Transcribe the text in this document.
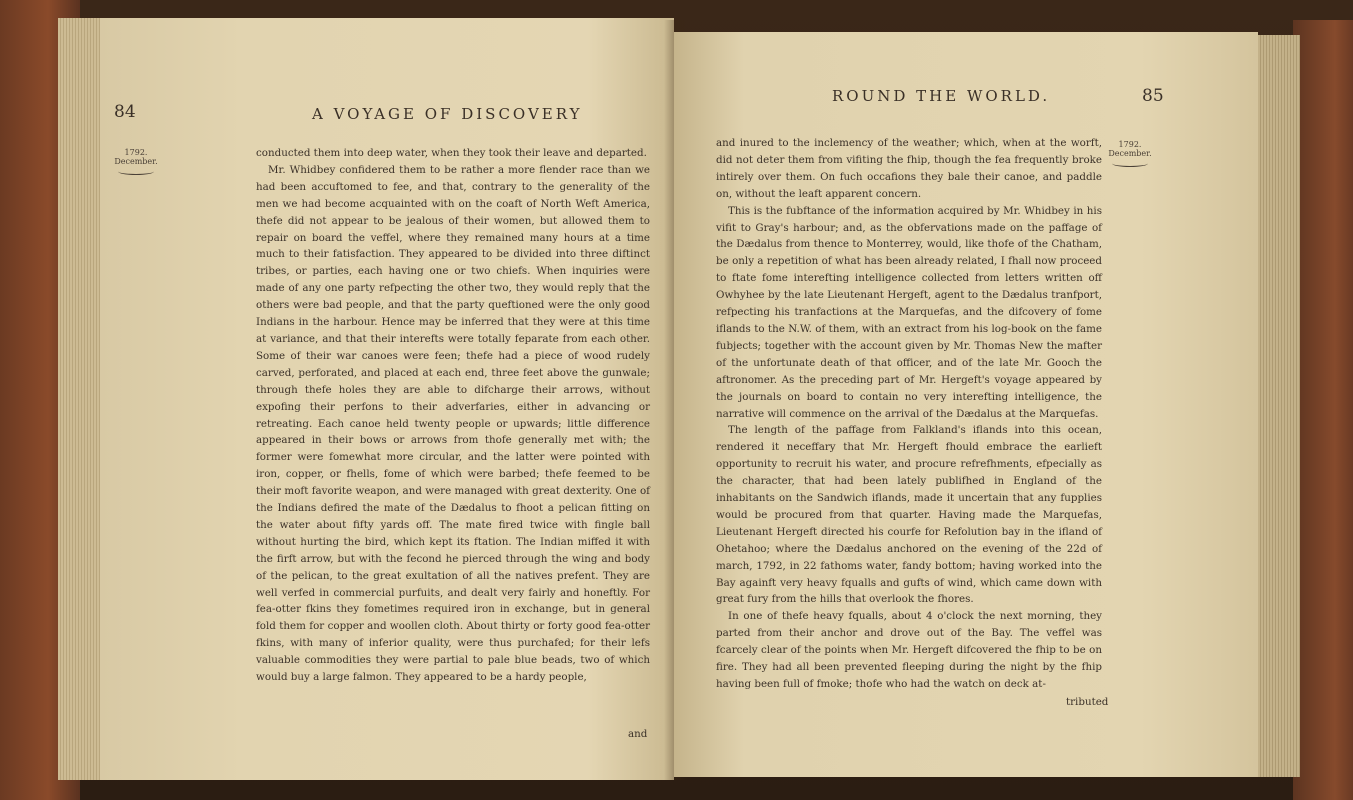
84	A VOYAGE OF DISCOVERY
1792.
December.

conducted them into deep water, when they took their leave and departed.

Mr. Whidbey confidered them to be rather a more flender race than we had been accuftomed to fee, and that, contrary to the generality of the men we had become acquainted with on the coaft of North Weft America, thefe did not appear to be jealous of their women, but allowed them to repair on board the veffel, where they remained many hours at a time much to their fatisfaction. They appeared to be divided into three diftinct tribes, or parties, each having one or two chiefs. When inquiries were made of any one party refpecting the other two, they would reply that the others were bad people, and that the party queftioned were the only good Indians in the harbour. Hence may be inferred that they were at this time at variance, and that their interefts were totally feparate from each other. Some of their war canoes were feen; thefe had a piece of wood rudely carved, perforated, and placed at each end, three feet above the gunwale; through thefe holes they are able to difcharge their arrows, without expofing their perfons to their adverfaries, either in advancing or retreating. Each canoe held twenty people or upwards; little difference appeared in their bows or arrows from thofe generally met with; the former were fomewhat more circular, and the latter were pointed with iron, copper, or fhells, fome of which were barbed; thefe feemed to be their moft favorite weapon, and were managed with great dexterity. One of the Indians defired the mate of the Dædalus to fhoot a pelican fitting on the water about fifty yards off. The mate fired twice with fingle ball without hurting the bird, which kept its ftation. The Indian miffed it with the firft arrow, but with the fecond he pierced through the wing and body of the pelican, to the great exultation of all the natives prefent. They are well verfed in commercial purfuits, and dealt very fairly and honeftly. For fea-otter fkins they fometimes required iron in exchange, but in general fold them for copper and woollen cloth. About thirty or forty good fea-otter fkins, with many of inferior quality, were thus purchafed; for their lefs valuable commodities they were partial to pale blue beads, two of which would buy a large falmon. They appeared to be a hardy people,

and
ROUND THE WORLD.	85
1792.
December.

and inured to the inclemency of the weather; which, when at the worft, did not deter them from vifiting the fhip, though the fea frequently broke intirely over them. On fuch occafions they bale their canoe, and paddle on, without the leaft apparent concern.

This is the fubftance of the information acquired by Mr. Whidbey in his vifit to Gray's harbour; and, as the obfervations made on the paffage of the Dædalus from thence to Monterrey, would, like thofe of the Chatham, be only a repetition of what has been already related, I fhall now proceed to ftate fome interefting intelligence collected from letters written off Owhyhee by the late Lieutenant Hergeft, agent to the Dædalus tranfport, refpecting his tranfactions at the Marquefas, and the difcovery of fome iflands to the N.W. of them, with an extract from his log-book on the fame fubjects; together with the account given by Mr. Thomas New the mafter of the unfortunate death of that officer, and of the late Mr. Gooch the aftronomer. As the preceding part of Mr. Hergeft's voyage appeared by the journals on board to contain no very interefting intelligence, the narrative will commence on the arrival of the Dædalus at the Marquefas.

The length of the paffage from Falkland's iflands into this ocean, rendered it neceffary that Mr. Hergeft fhould embrace the earlieft opportunity to recruit his water, and procure refrefhments, efpecially as the character, that had been lately publifhed in England of the inhabitants on the Sandwich iflands, made it uncertain that any fupplies would be procured from that quarter. Having made the Marquefas, Lieutenant Hergeft directed his courfe for Refolution bay in the ifland of Ohetahoo; where the Dædalus anchored on the evening of the 22d of march, 1792, in 22 fathoms water, fandy bottom; having worked into the Bay againft very heavy fqualls and gufts of wind, which came down with great fury from the hills that overlook the fhores.

In one of thefe heavy fqualls, about 4 o'clock the next morning, they parted from their anchor and drove out of the Bay. The veffel was fcarcely clear of the points when Mr. Hergeft difcovered the fhip to be on fire. They had all been prevented fleeping during the night by the fhip having been full of fmoke; thofe who had the watch on deck at-

tributed
